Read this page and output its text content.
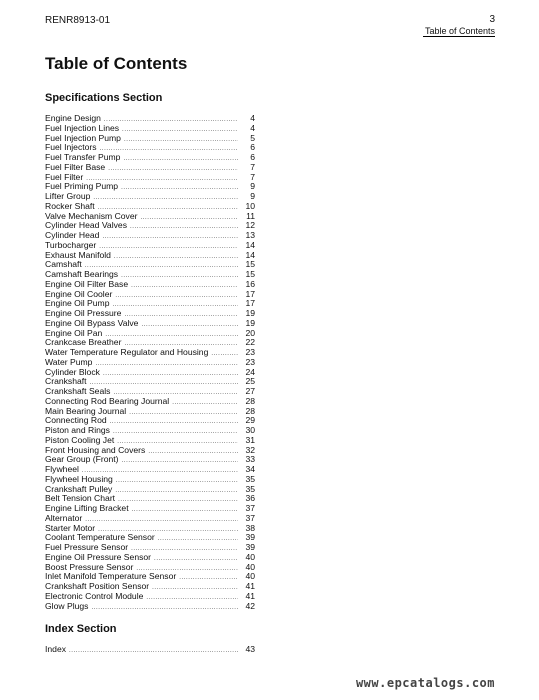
RENR8913-01	3
Table of Contents
Table of Contents
Specifications Section
Engine Design .....	4
Fuel Injection Lines .....	4
Fuel Injection Pump .....	5
Fuel Injectors .....	6
Fuel Transfer Pump .....	6
Fuel Filter Base .....	7
Fuel Filter .....	7
Fuel Priming Pump .....	9
Lifter Group .....	9
Rocker Shaft .....	10
Valve Mechanism Cover .....	11
Cylinder Head Valves .....	12
Cylinder Head .....	13
Turbocharger .....	14
Exhaust Manifold .....	14
Camshaft .....	15
Camshaft Bearings .....	15
Engine Oil Filter Base .....	16
Engine Oil Cooler .....	17
Engine Oil Pump .....	17
Engine Oil Pressure .....	19
Engine Oil Bypass Valve .....	19
Engine Oil Pan .....	20
Crankcase Breather .....	22
Water Temperature Regulator and Housing .....	23
Water Pump .....	23
Cylinder Block .....	24
Crankshaft .....	25
Crankshaft Seals .....	27
Connecting Rod Bearing Journal .....	28
Main Bearing Journal .....	28
Connecting Rod .....	29
Piston and Rings .....	30
Piston Cooling Jet .....	31
Front Housing and Covers .....	32
Gear Group (Front) .....	33
Flywheel .....	34
Flywheel Housing .....	35
Crankshaft Pulley .....	35
Belt Tension Chart .....	36
Engine Lifting Bracket .....	37
Alternator .....	37
Starter Motor .....	38
Coolant Temperature Sensor .....	39
Fuel Pressure Sensor .....	39
Engine Oil Pressure Sensor .....	40
Boost Pressure Sensor .....	40
Inlet Manifold Temperature Sensor .....	40
Crankshaft Position Sensor .....	41
Electronic Control Module .....	41
Glow Plugs .....	42
Index Section
Index .....	43
www.epcatalogs.com
